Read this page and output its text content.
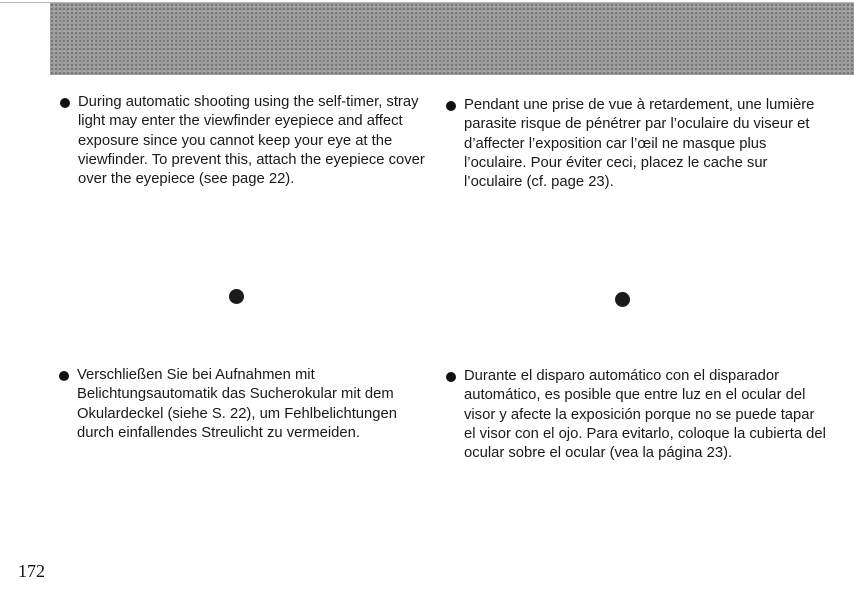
During automatic shooting using the self-timer, stray light may enter the viewfinder eyepiece and affect exposure since you cannot keep your eye at the viewfinder. To prevent this, attach the eyepiece cover over the eyepiece (see page 22).
Pendant une prise de vue à retardement, une lumière parasite risque de pénétrer par l’oculaire du viseur et d’affecter l’exposition car l’œil ne masque plus l’oculaire. Pour éviter ceci, placez le cache sur l’oculaire (cf. page 23).
Verschließen Sie bei Aufnahmen mit Belichtungsautomatik das Sucherokular mit dem Okulardeckel (siehe S. 22), um Fehlbelichtungen durch einfallendes Streulicht zu vermeiden.
Durante el disparo automático con el disparador automático, es posible que entre luz en el ocular del visor y afecte la exposición porque no se puede tapar el visor con el ojo. Para evitarlo, coloque la cubierta del ocular sobre el ocular (vea la página 23).
172
